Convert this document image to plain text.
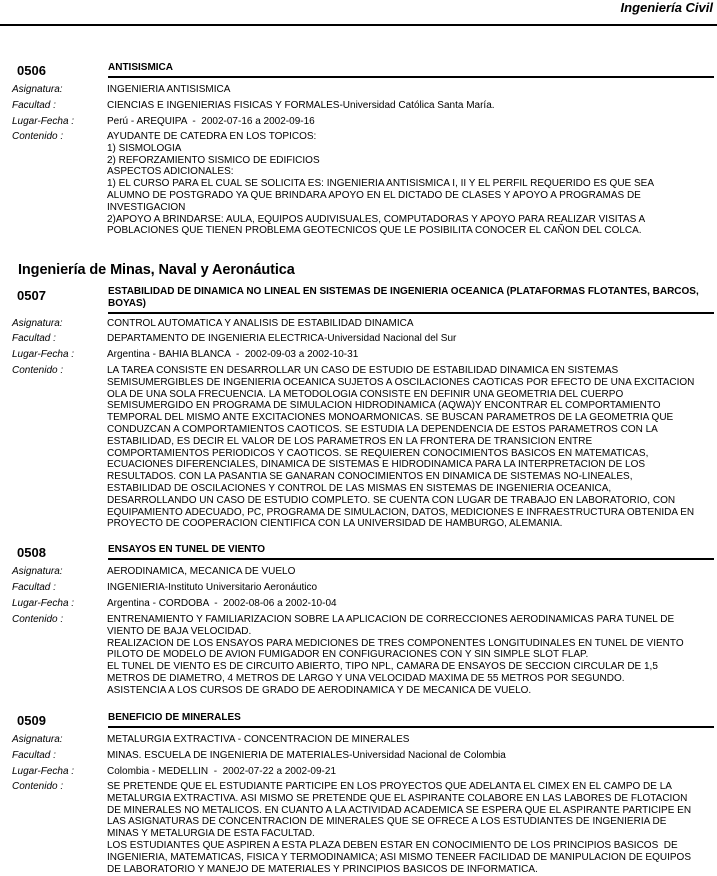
Ingeniería Civil
0506	ANTISISMICA
Asignatura:	INGENIERIA ANTISISMICA
Facultad :	CIENCIAS E INGENIERIAS FISICAS Y FORMALES-Universidad Católica Santa María.
Lugar-Fecha :	Perú - AREQUIPA  -  2002-07-16 a 2002-09-16
Contenido :	AYUDANTE DE CATEDRA EN LOS TOPICOS:
1) SISMOLOGIA
2) REFORZAMIENTO SISMICO DE EDIFICIOS
ASPECTOS ADICIONALES:
1) EL CURSO PARA EL CUAL SE SOLICITA ES: INGENIERIA ANTISISMICA I, II Y EL PERFIL REQUERIDO ES QUE SEA
ALUMNO DE POSTGRADO YA QUE BRINDARA APOYO EN EL DICTADO DE CLASES Y APOYO A PROGRAMAS DE
INVESTIGACION
2)APOYO A BRINDARSE: AULA, EQUIPOS AUDIVISUALES, COMPUTADORAS Y APOYO PARA REALIZAR VISITAS A
POBLACIONES QUE TIENEN PROBLEMA GEOTECNICOS QUE LE POSIBILITA CONOCER EL CAÑON DEL COLCA.
Ingeniería de Minas, Naval y Aeronáutica
0507	ESTABILIDAD DE DINAMICA NO LINEAL EN SISTEMAS DE INGENIERIA OCEANICA (PLATAFORMAS FLOTANTES, BARCOS, BOYAS)
Asignatura:	CONTROL AUTOMATICA Y ANALISIS DE ESTABILIDAD DINAMICA
Facultad :	DEPARTAMENTO DE INGENIERIA ELECTRICA-Universidad Nacional del Sur
Lugar-Fecha :	Argentina - BAHIA BLANCA  -  2002-09-03 a 2002-10-31
Contenido :	LA TAREA CONSISTE EN DESARROLLAR UN CASO DE ESTUDIO DE ESTABILIDAD DINAMICA EN SISTEMAS
SEMISUMERGIBLES DE INGENIERIA OCEANICA SUJETOS A OSCILACIONES CAOTICAS POR EFECTO DE UNA EXCITACION
OLA DE UNA SOLA FRECUENCIA. LA METODOLOGIA CONSISTE EN DEFINIR UNA GEOMETRIA DEL CUERPO
SEMISUMERGIDO EN PROGRAMA DE SIMULACION HIDRODINAMICA (AQWA)Y ENCONTRAR EL COMPORTAMIENTO
TEMPORAL DEL MISMO ANTE EXCITACIONES MONOARMONICAS. SE BUSCAN PARAMETROS DE LA GEOMETRIA QUE
CONDUZCAN A COMPORTAMIENTOS CAOTICOS. SE ESTUDIA LA DEPENDENCIA DE ESTOS PARAMETROS CON LA
ESTABILIDAD, ES DECIR EL VALOR DE LOS PARAMETROS EN LA FRONTERA DE TRANSICION ENTRE
COMPORTAMIENTOS PERIODICOS Y CAOTICOS. SE REQUIEREN CONOCIMIENTOS BASICOS EN MATEMATICAS,
ECUACIONES DIFERENCIALES, DINAMICA DE SISTEMAS E HIDRODINAMICA PARA LA INTERPRETACION DE LOS
RESULTADOS. CON LA PASANTIA SE GANARAN CONOCIMIENTOS EN DINAMICA DE SISTEMAS NO-LINEALES,
ESTABILIDAD DE OSCILACIONES Y CONTROL DE LAS MISMAS EN SISTEMAS DE INGENIERIA OCEANICA,
DESARROLLANDO UN CASO DE ESTUDIO COMPLETO. SE CUENTA CON LUGAR DE TRABAJO EN LABORATORIO, CON
EQUIPAMIENTO ADECUADO, PC, PROGRAMA DE SIMULACION, DATOS, MEDICIONES E INFRAESTRUCTURA OBTENIDA EN
PROYECTO DE COOPERACION CIENTIFICA CON LA UNIVERSIDAD DE HAMBURGO, ALEMANIA.
0508	ENSAYOS EN TUNEL DE VIENTO
Asignatura:	AERODINAMICA, MECANICA DE VUELO
Facultad :	INGENIERIA-Instituto Universitario Aeronáutico
Lugar-Fecha :	Argentina - CORDOBA  -  2002-08-06 a 2002-10-04
Contenido :	ENTRENAMIENTO Y FAMILIARIZACION SOBRE LA APLICACION DE CORRECCIONES AERODINAMICAS PARA TUNEL DE
VIENTO DE BAJA VELOCIDAD.
REALIZACION DE LOS ENSAYOS PARA MEDICIONES DE TRES COMPONENTES LONGITUDINALES EN TUNEL DE VIENTO
PILOTO DE MODELO DE AVION FUMIGADOR EN CONFIGURACIONES CON Y SIN SIMPLE SLOT FLAP.
EL TUNEL DE VIENTO ES DE CIRCUITO ABIERTO, TIPO NPL, CAMARA DE ENSAYOS DE SECCION CIRCULAR DE 1,5
METROS DE DIAMETRO, 4 METROS DE LARGO Y UNA VELOCIDAD MAXIMA DE 55 METROS POR SEGUNDO.
ASISTENCIA A LOS CURSOS DE GRADO DE AERODINAMICA Y DE MECANICA DE VUELO.
0509	BENEFICIO DE MINERALES
Asignatura:	METALURGIA EXTRACTIVA - CONCENTRACION DE MINERALES
Facultad :	MINAS. ESCUELA DE INGENIERIA DE MATERIALES-Universidad Nacional de Colombia
Lugar-Fecha :	Colombia - MEDELLIN  -  2002-07-22 a 2002-09-21
Contenido :	SE PRETENDE QUE EL ESTUDIANTE PARTICIPE EN LOS PROYECTOS QUE ADELANTA EL CIMEX EN EL CAMPO DE LA
METALURGIA EXTRACTIVA. ASI MISMO SE PRETENDE QUE EL ASPIRANTE COLABORE EN LAS LABORES DE FLOTACION
DE MINERALES NO METALICOS. EN CUANTO A LA ACTIVIDAD ACADEMICA SE ESPERA QUE EL ASPIRANTE PARTICIPE EN
LAS ASIGNATURAS DE CONCENTRACION DE MINERALES QUE SE OFRECE A LOS ESTUDIANTES DE INGENIERIA DE
MINAS Y METALURGIA DE ESTA FACULTAD.
LOS ESTUDIANTES QUE ASPIREN A ESTA PLAZA DEBEN ESTAR EN CONOCIMIENTO DE LOS PRINCIPIOS BASICOS  DE
INGENIERIA, MATEMATICAS, FISICA Y TERMODINAMICA; ASI MISMO TENEER FACILIDAD DE MANIPULACION DE EQUIPOS
DE LABORATORIO Y MANEJO DE MATERIALES Y PRINCIPIOS BASICOS DE INFORMATICA.
